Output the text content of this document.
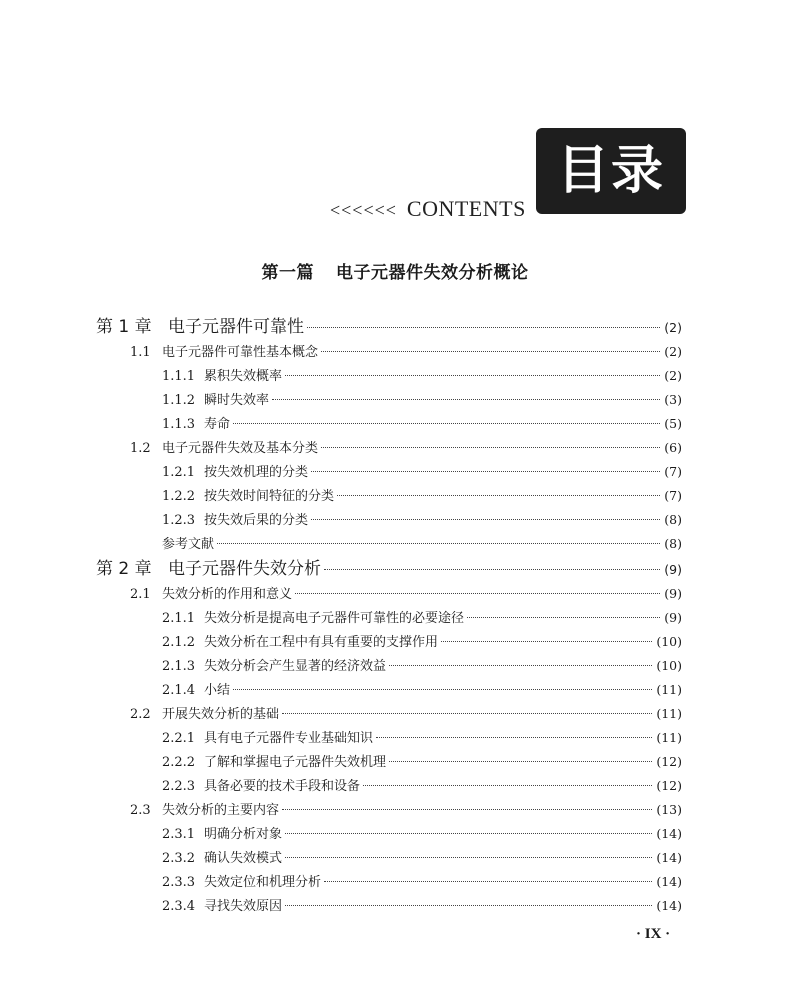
<<<<<< CONTENTS
目录
第一篇 电子元器件失效分析概论
第 1 章 电子元器件可靠性	(2)
1.1 电子元器件可靠性基本概念	(2)
1.1.1 累积失效概率	(2)
1.1.2 瞬时失效率	(3)
1.1.3 寿命	(5)
1.2 电子元器件失效及基本分类	(6)
1.2.1 按失效机理的分类	(7)
1.2.2 按失效时间特征的分类	(7)
1.2.3 按失效后果的分类	(8)
参考文献	(8)
第 2 章 电子元器件失效分析	(9)
2.1 失效分析的作用和意义	(9)
2.1.1 失效分析是提高电子元器件可靠性的必要途径	(9)
2.1.2 失效分析在工程中有具有重要的支撑作用	(10)
2.1.3 失效分析会产生显著的经济效益	(10)
2.1.4 小结	(11)
2.2 开展失效分析的基础	(11)
2.2.1 具有电子元器件专业基础知识	(11)
2.2.2 了解和掌握电子元器件失效机理	(12)
2.2.3 具备必要的技术手段和设备	(12)
2.3 失效分析的主要内容	(13)
2.3.1 明确分析对象	(14)
2.3.2 确认失效模式	(14)
2.3.3 失效定位和机理分析	(14)
2.3.4 寻找失效原因	(14)
· IX ·
